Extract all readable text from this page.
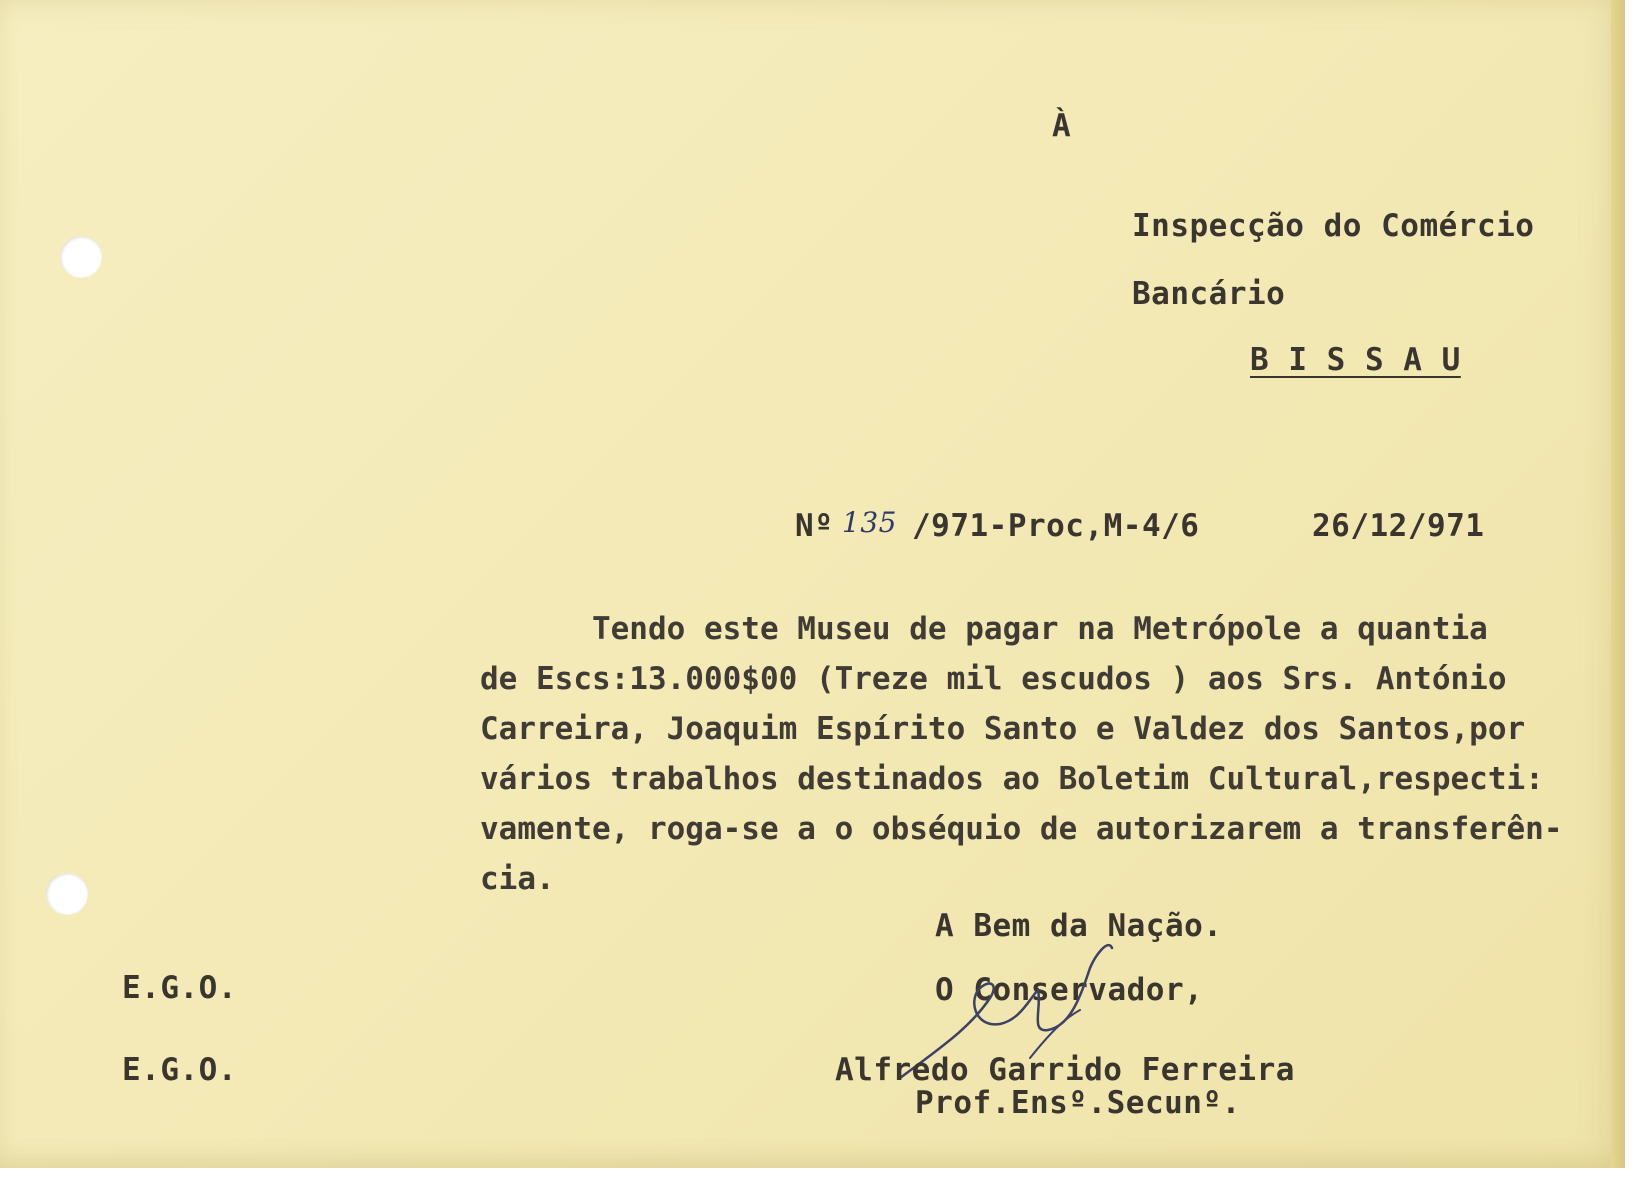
À
Inspecção do Comércio
Bancário
B I S S A U
Nº 135 /971-Proc,M-4/6	26/12/971
Tendo este Museu de pagar na Metrópole a quantia
de Escs:13.000$00 (Treze mil escudos ) aos Srs. António
Carreira, Joaquim Espírito Santo e Valdez dos Santos,por
vários trabalhos destinados ao Boletim Cultural,respecti:
vamente, roga-se a o obséquio de autorizarem a transferên-
cia.
A Bem da Nação.
O Conservador,
Alfredo Garrido Ferreira
Prof.Ensº.Secunº.
E.G.O.
E.G.O.
